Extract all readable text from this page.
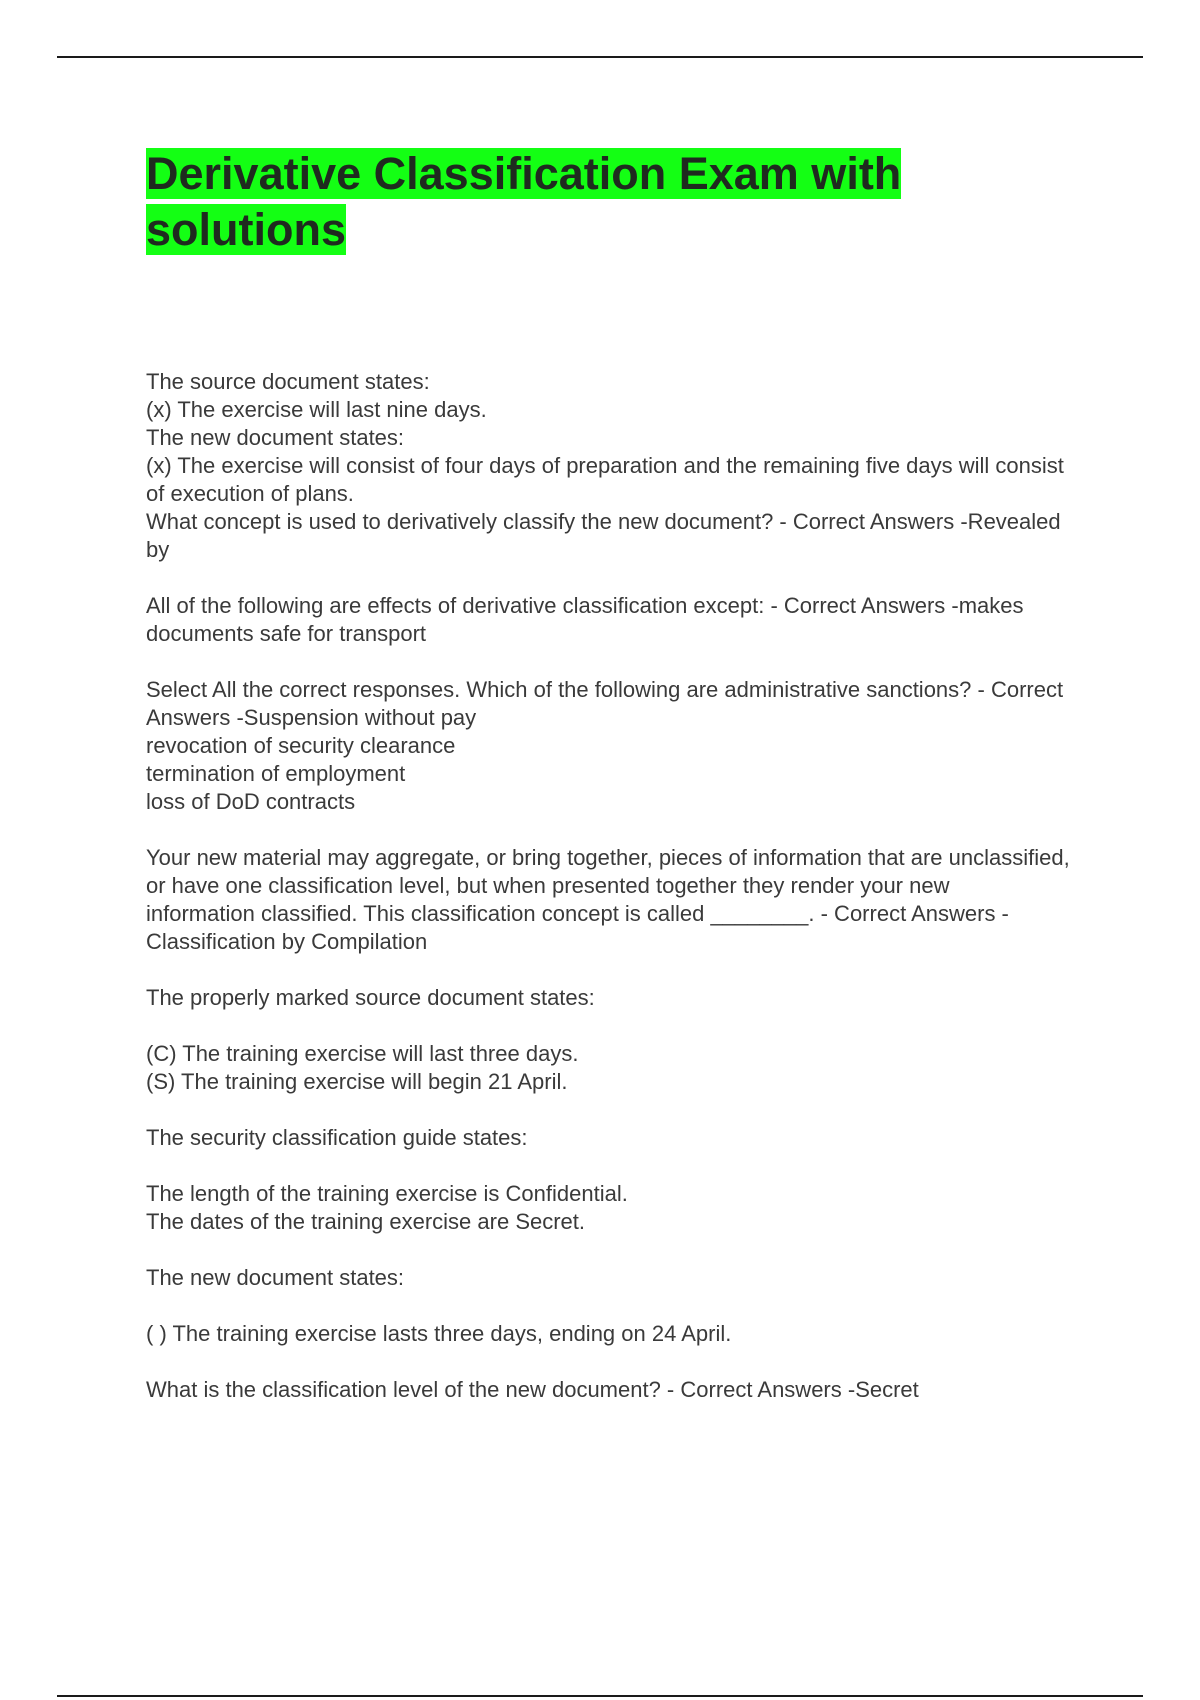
Derivative Classification Exam with
solutions
The source document states:
(x) The exercise will last nine days.
The new document states:
(x) The exercise will consist of four days of preparation and the remaining five days will consist of execution of plans.
What concept is used to derivatively classify the new document? - Correct Answers -Revealed by
All of the following are effects of derivative classification except: - Correct Answers -makes documents safe for transport
Select All the correct responses. Which of the following are administrative sanctions? - Correct Answers -Suspension without pay
revocation of security clearance
termination of employment
loss of DoD contracts
Your new material may aggregate, or bring together, pieces of information that are unclassified, or have one classification level, but when presented together they render your new
information classified. This classification concept is called ________. - Correct Answers -Classification by Compilation
The properly marked source document states:
(C) The training exercise will last three days.
(S) The training exercise will begin 21 April.
The security classification guide states:
The length of the training exercise is Confidential.
The dates of the training exercise are Secret.
The new document states:
( ) The training exercise lasts three days, ending on 24 April.
What is the classification level of the new document? - Correct Answers -Secret
